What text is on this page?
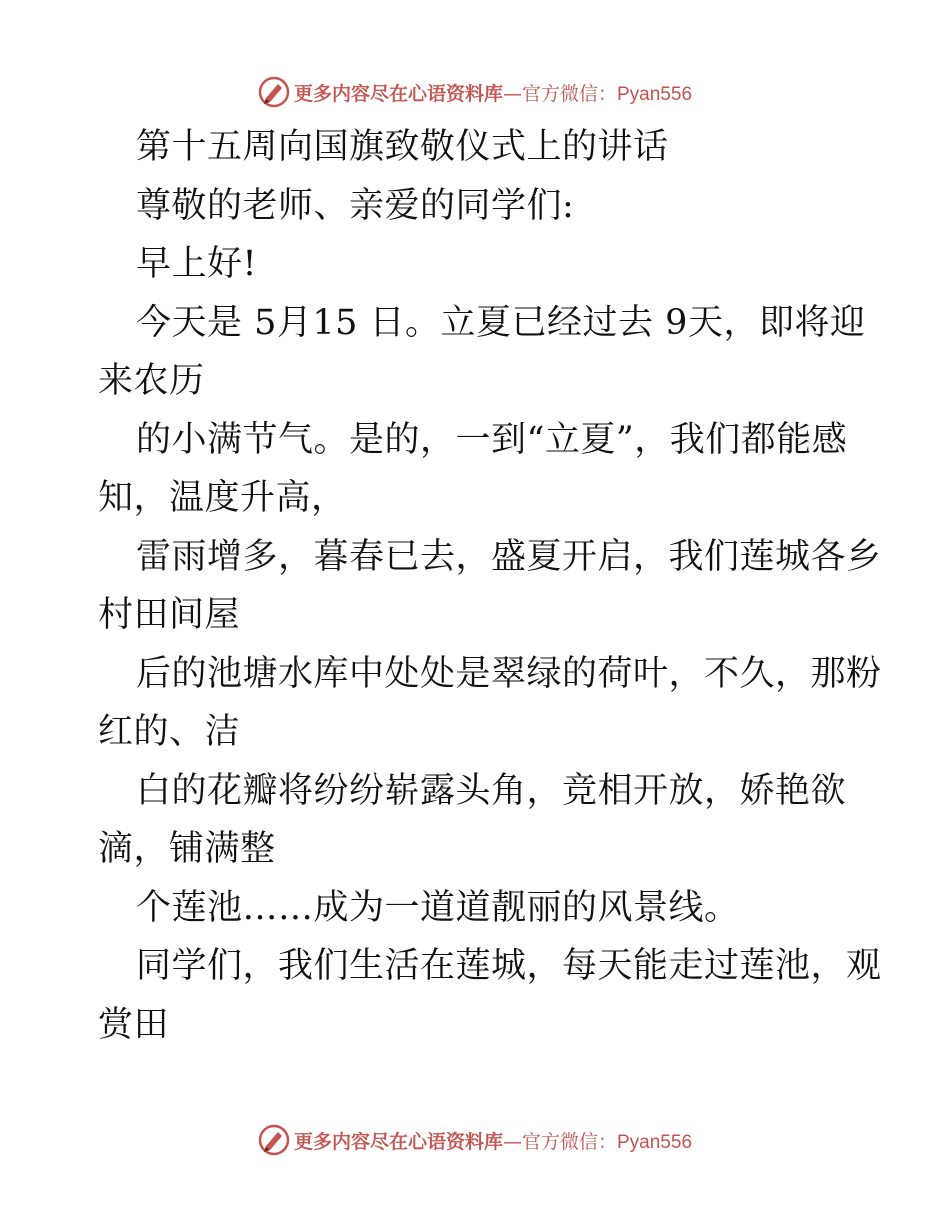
更多内容尽在心语资料库—官方微信：Pyan556
第十五周向国旗致敬仪式上的讲话
尊敬的老师、亲爱的同学们:
早上好!
今天是 5月15 日。立夏已经过去 9天，即将迎
来农历
的小满节气。是的，一到“立夏”，我们都能感
知，温度升高，
雷雨增多，暮春已去，盛夏开启，我们莲城各乡
村田间屋
后的池塘水库中处处是翠绿的荷叶，不久，那粉
红的、洁
白的花瓣将纷纷崭露头角，竞相开放，娇艳欲
滴，铺满整
个莲池……成为一道道靓丽的风景线。
同学们，我们生活在莲城，每天能走过莲池，观
赏田
更多内容尽在心语资料库—官方微信：Pyan556
